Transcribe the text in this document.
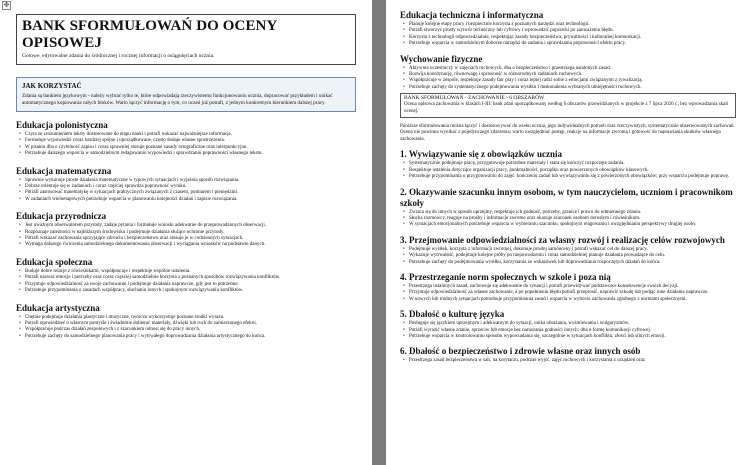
✥
BANK SFORMUŁOWAŃ DO OCENY OPISOWEJ
Gotowe, edytowalne zdania do śródrocznej i rocznej informacji o osiągnięciach ucznia.
JAK KORZYSTAĆ
Zdania są bankiem językowym - należy wybrać tylko te, które odpowiadają rzeczywistemu funkcjonowaniu ucznia, dopracować przykładem i unikać automatycznego kopiowania całych bloków. Warto łączyć informację o tym, co uczeń już potrafi, z jednym konkretnym kierunkiem dalszej pracy.
Edukacja polonistyczna
• Czyta ze zrozumieniem teksty dostosowane do etapu nauki i potrafi wskazać najważniejsze informacje.
• Formułuje wypowiedzi coraz bardziej spójne i uporządkowane, często dodaje własne spostrzeżenia.
• W pisaniu dba o czytelność zapisu i coraz sprawniej stosuje poznane zasady ortograficzne oraz interpunkcyjne.
• Potrzebuje dalszego wsparcia w samodzielnym redagowaniu wypowiedzi i sprawdzaniu poprawności własnego tekstu.
Edukacja matematyczna
• Sprawnie wykonuje proste działania matematyczne w typowych sytuacjach i wyjaśnia sposób rozwiązania.
• Dobrze orientuje się w zadaniach i coraz częściej sprawdza poprawność wyniku.
• Potrafi zastosować matematykę w sytuacjach praktycznych związanych z czasem, pomiarem i pieniędzmi.
• W zadaniach wieloetapowych potrzebuje wsparcia w planowaniu kolejności działań i zapisie rozwiązania.
Edukacja przyrodnicza
• Jest uważnym obserwatorem przyrody, zadaje pytania i formułuje wnioski adekwatne do przeprowadzonych obserwacji.
• Rozpoznaje zależności w najbliższym środowisku i podejmuje działania służące ochronie przyrody.
• Potrafi wskazać zachowania sprzyjające zdrowiu i bezpieczeństwu oraz stosuje je w codziennych sytuacjach.
• Wymaga dalszego ćwiczenia samodzielnego dokumentowania obserwacji i wyciągania wniosków na podstawie danych.
Edukacja społeczna
• Buduje dobre relacje z rówieśnikami, współpracuje i respektuje wspólne ustalenia.
• Potrafi nazwać emocje i potrzeby oraz coraz częściej samodzielnie korzysta z poznanych sposobów rozwiązywania konfliktów.
• Przyjmuje odpowiedzialność za swoje zachowanie i podejmuje działania naprawcze, gdy jest to potrzebne.
• Potrzebuje przypominania o zasadach współpracy, słuchaniu innych i spokojnym rozwiązywaniu konfliktów.
Edukacja artystyczna
• Chętnie podejmuje działania plastyczne i muzyczne, twórczo wykorzystuje poznane środki wyrazu.
• Potrafi opowiedzieć o własnym pomyśle i świadomie dobierać materiały, dźwięki lub ruch do zamierzonego efektu.
• Współpracuje podczas działań zespołowych i z szacunkiem odnosi się do pracy innych.
• Potrzebuje zachęty do samodzielnego planowania pracy i wytrwałego doprowadzania działania artystycznego do końca.
Edukacja techniczna i informatyczna
• Planuje kolejne etapy pracy i bezpiecznie korzysta z poznanych narzędzi oraz technologii.
• Potrafi stworzyć prosty wytwór techniczny lub cyfrowy i wprowadzić poprawki po zauważeniu błędu.
• Korzysta z technologii odpowiedzialnie, respektując zasady bezpieczeństwa, prywatności i kulturalnej komunikacji.
• Potrzebuje wsparcia w samodzielnym doborze narzędzi do zadania i sprawdzaniu poprawności efektu pracy.
Wychowanie fizyczne
• Aktywnie uczestniczy w zajęciach ruchowych, dba o bezpieczeństwo i przestrzega ustalonych zasad.
• Rozwija koordynację, równowagę i sprawność w różnorodnych zadaniach ruchowych.
• Współpracuje w zespole, respektuje zasady fair play i coraz lepiej radzi sobie z emocjami związanymi z rywalizacją.
• Potrzebuje zachęty do systematycznego podejmowania wysiłku i doskonalenia wybranych umiejętności ruchowych.
BANK SFORMUŁOWAŃ - ZACHOWANIE - 6 OBSZARÓW
Ocena opisowa zachowania w klasach I-III: bank zdań uporządkowany według 6 obszarów przewidzianych w projekcie z 7 lipca 2026 r.; bez wprowadzania skali ocenej.

Poniższe sformułowania można łączyć i dostosowywać do wieku ucznia, jego indywidualnych potrzeb oraz rzeczywistych, systematycznie obserwowanych zachowań. Ocena nie powinna wynikać z pojedynczego zdarzenia; warto uwzględniać postęp, reakcje na informacje zwrotną i gotowość do naprawiania skutków własnego zachowania.

1. Wywiązywanie się z obowiązków ucznia
• Systematycznie podejmuje pracę, przygotowuje potrzebne materiały i stara się kończyć rozpoczęte zadania.
• Respektuje ustalenia dotyczące organizacji pracy, punktualności, porządku oraz powierzonych obowiązków klasowych.
• Potrzebuje przypominania o przygotowaniu do zajęć, kończeniu zadań lub wywiązywaniu się z powierzonych obowiązków; przy wsparciu podejmuje poprawę.
2. Okazywanie szacunku innym osobom, w tym nauczycielom, uczniom i pracownikom szkoły
• Zwraca się do innych w sposób uprzejmy, respektuje ich godność, potrzeby, granice i prawo do odmiennego zdania.
• Słucha rozmówcy, reaguje na prośby i informacje zwrotne oraz okazuje szacunek osobom dorosłym i rówieśnikom.
• W sytuacjach emocjonalnych potrzebuje wsparcia w wybieraniu szacunku, spokojnym reagowaniu i uwzględnianiu perspektywy drugiej osoby.
3. Przejmowanie odpowiedzialności za własny rozwój i realizację celów rozwojowych
• Podejmuje wysiłek, korzysta z informacji zwrotnej, dokonuje prostej samooceny i potrafi wskazać cel do dalszej pracy.
• Wykazuje wytrwałość, podejmuje kolejne próby po niepowodzeniu i coraz samodzielniej planuje działania prowadzące do celu.
• Potrzebuje zachęty do podejmowania wysiłku, korzystania ze wskazówek lub doprowadzania rozpoczętych działań do końca.
4. Przestrzeganie norm społecznych w szkole i poza nią
• Przestrzega ustalonych zasad, zachowuje się adekwatnie do sytuacji i potrafi przewidywać podstawowe konsekwencje swoich decyzji.
• Przyjmuje odpowiedzialność za własne zachowanie, a po popełnieniu błędu potrafi przeprosić, naprawić szkodę lub podjąć inne działanie naprawcze.
• W nowych lub trudnych sytuacjach potrzebuje przypominania zasad i wsparcia w wyborze zachowania zgodnego z normami społecznymi.
5. Dbałość o kulturę języka
• Posługuje się językiem uprzejmym i adekwatnym do sytuacji, unika obrażania, wyśmiewania i wulgaryzmów.
• Potrafi wyrazić własne zdanie, sprzeciw lub emocje bez naruszania godności innych; dba o formę komunikacji cyfrowej.
• Potrzebuje wsparcia w kontrolowaniu sposobu wypowiadania się, szczególnie w sytuacjach konfliktu, złości lub silnych emocji.
6. Dbałość o bezpieczeństwo i zdrowie własne oraz innych osób
• Przestrzega zasad bezpieczeństwa w sali, na korytarzu, podczas wyjść, zajęć ruchowych i korzystania z urządzeń oraz
